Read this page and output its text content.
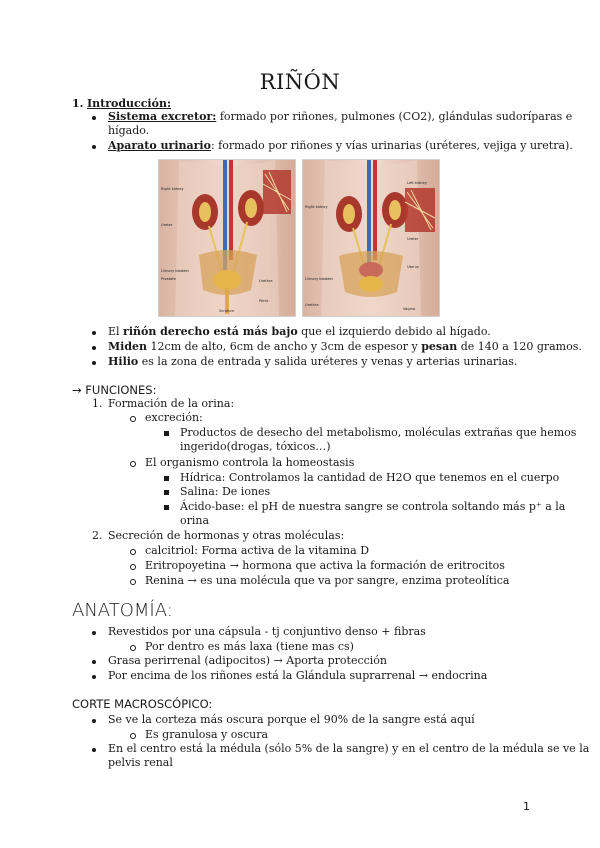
RIÑÓN
1. Introducción:
Sistema excretor: formado por riñones, pulmones (CO2), glándulas sudoríparas e
hígado.
Aparato urinario: formado por riñones y vías urinarias (uréteres, vejiga y uretra).
Right kidney
Ureter
Urinary bladder
Prostate	Urethra
Penis
Scrotum
Right kidney
Left kidney
Ureter
Uterus
Urinary bladder
Urethra
Vagina
El riñón derecho está más bajo que el izquierdo debido al hígado.
Miden 12cm de alto, 6cm de ancho y 3cm de espesor y pesan de 140 a 120 gramos.
Hilio es la zona de entrada y salida uréteres y venas y arterias urinarias.
→ FUNCIONES:
1. Formación de la orina:
excreción:
Productos de desecho del metabolismo, moléculas extrañas que hemos
ingerido(drogas, tóxicos…)
El organismo controla la homeostasis
Hídrica: Controlamos la cantidad de H2O que tenemos en el cuerpo
Salina: De iones
Ácido-base: el pH de nuestra sangre se controla soltando más p⁺ a la
orina
2. Secreción de hormonas y otras moléculas:
calcitriol: Forma activa de la vitamina D
Eritropoyetina → hormona que activa la formación de eritrocitos
Renina → es una molécula que va por sangre, enzima proteolítica
ANATOMÍA:
Revestidos por una cápsula - tj conjuntivo denso + fibras
Por dentro es más laxa (tiene mas cs)
Grasa perirrenal (adipocitos) → Aporta protección
Por encima de los riñones está la Glándula suprarrenal → endocrina
CORTE MACROSCÓPICO:
Se ve la corteza más oscura porque el 90% de la sangre está aquí
Es granulosa y oscura
En el centro está la médula (sólo 5% de la sangre) y en el centro de la médula se ve la
pelvis renal
1
